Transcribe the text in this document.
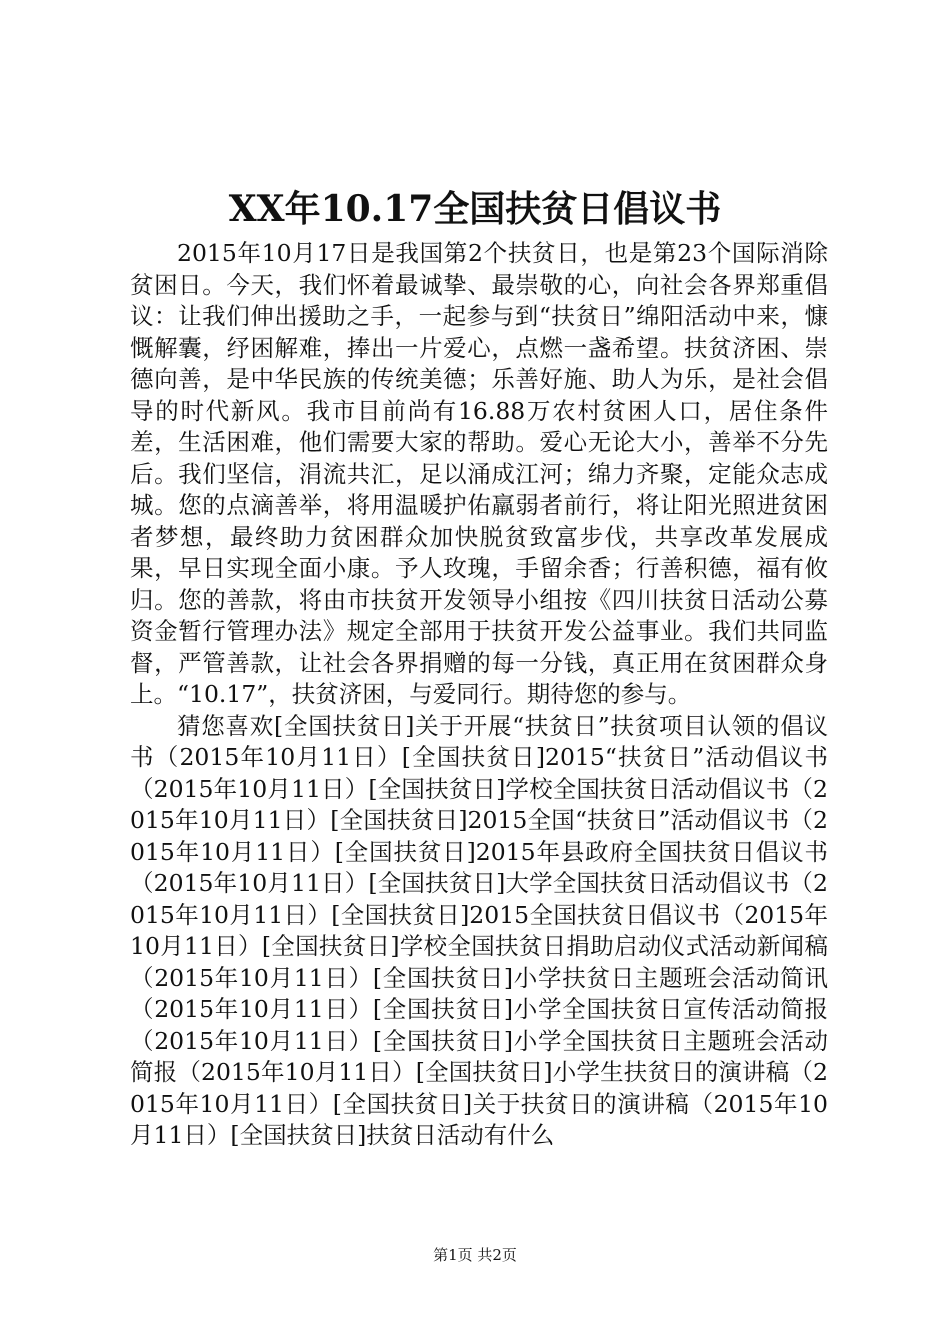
XX年10.17全国扶贫日倡议书

2015年10月17日是我国第2个扶贫日，也是第23个国际消除贫困日。今天，我们怀着最诚挚、最崇敬的心，向社会各界郑重倡议：让我们伸出援助之手，一起参与到“扶贫日”绵阳活动中来，慷慨解囊，纾困解难，捧出一片爱心，点燃一盏希望。扶贫济困、崇德向善，是中华民族的传统美德；乐善好施、助人为乐，是社会倡导的时代新风。我市目前尚有16.88万农村贫困人口，居住条件差，生活困难，他们需要大家的帮助。爱心无论大小，善举不分先后。我们坚信，涓流共汇，足以涌成江河；绵力齐聚，定能众志成城。您的点滴善举，将用温暖护佑羸弱者前行，将让阳光照进贫困者梦想，最终助力贫困群众加快脱贫致富步伐，共享改革发展成果，早日实现全面小康。予人玫瑰，手留余香；行善积德，福有攸归。您的善款，将由市扶贫开发领导小组按《四川扶贫日活动公募资金暂行管理办法》规定全部用于扶贫开发公益事业。我们共同监督，严管善款，让社会各界捐赠的每一分钱，真正用在贫困群众身上。“10.17”，扶贫济困，与爱同行。期待您的参与。

猜您喜欢[全国扶贫日]关于开展“扶贫日”扶贫项目认领的倡议书（2015年10月11日）[全国扶贫日]2015“扶贫日”活动倡议书（2015年10月11日）[全国扶贫日]学校全国扶贫日活动倡议书（2015年10月11日）[全国扶贫日]2015全国“扶贫日”活动倡议书（2015年10月11日）[全国扶贫日]2015年县政府全国扶贫日倡议书（2015年10月11日）[全国扶贫日]大学全国扶贫日活动倡议书（2015年10月11日）[全国扶贫日]2015全国扶贫日倡议书（2015年10月11日）[全国扶贫日]学校全国扶贫日捐助启动仪式活动新闻稿（2015年10月11日）[全国扶贫日]小学扶贫日主题班会活动简讯（2015年10月11日）[全国扶贫日]小学全国扶贫日宣传活动简报（2015年10月11日）[全国扶贫日]小学全国扶贫日主题班会活动简报（2015年10月11日）[全国扶贫日]小学生扶贫日的演讲稿（2015年10月11日）[全国扶贫日]关于扶贫日的演讲稿（2015年10月11日）[全国扶贫日]扶贫日活动有什么

第1页 共2页
